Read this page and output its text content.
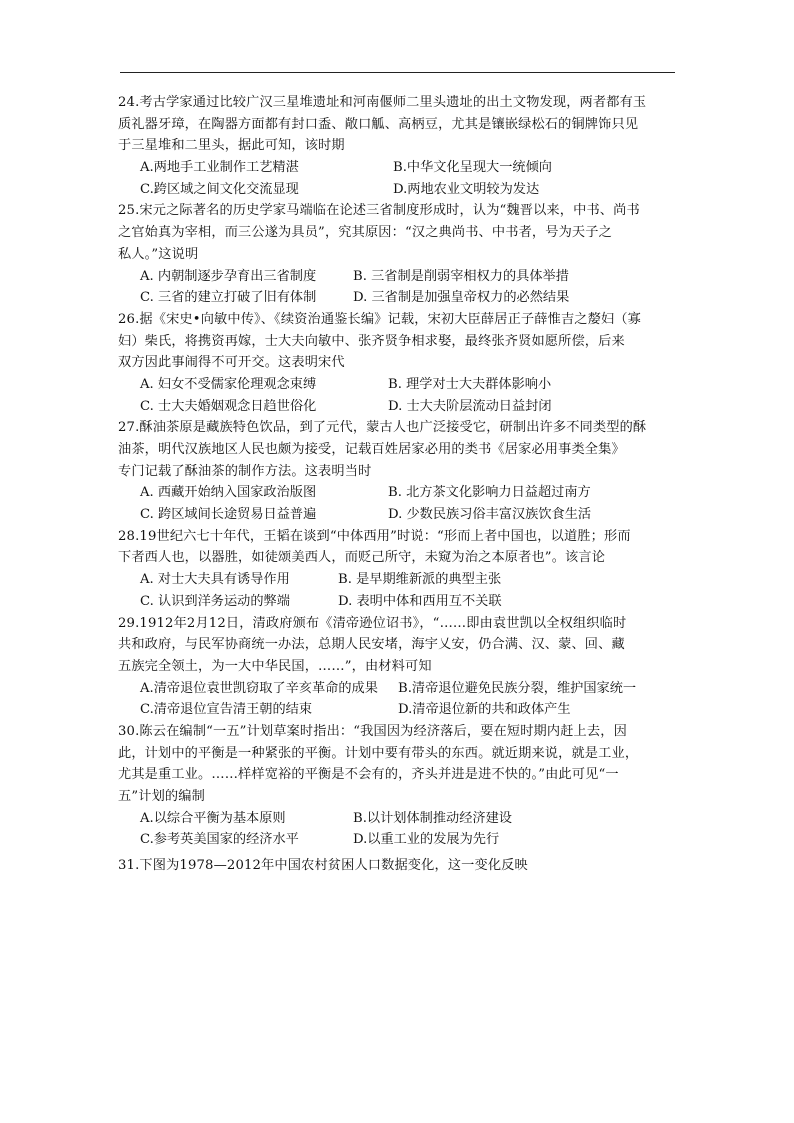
24.考古学家通过比较广汉三星堆遗址和河南偃师二里头遗址的出土文物发现，两者都有玉
质礼器牙璋，在陶器方面都有封口盉、敞口觚、高柄豆，尤其是镶嵌绿松石的铜牌饰只见
于三星堆和二里头，据此可知，该时期
A.两地手工业制作工艺精湛	B.中华文化呈现大一统倾向
C.跨区域之间文化交流显现	D.两地农业文明较为发达
25.宋元之际著名的历史学家马端临在论述三省制度形成时，认为“魏晋以来，中书、尚书
之官始真为宰相，而三公遂为具员”，究其原因：“汉之典尚书、中书者，号为天子之
私人。”这说明
A. 内朝制逐步孕育出三省制度	B. 三省制是削弱宰相权力的具体举措
C. 三省的建立打破了旧有体制	D. 三省制是加强皇帝权力的必然结果
26.据《宋史•向敏中传》、《续资治通鉴长编》记载，宋初大臣薛居正子薛惟吉之嫠妇（寡
妇）柴氏，将携资再嫁，士大夫向敏中、张齐贤争相求娶，最终张齐贤如愿所偿，后来
双方因此事闹得不可开交。这表明宋代
A. 妇女不受儒家伦理观念束缚	B. 理学对士大夫群体影响小
C. 士大夫婚姻观念日趋世俗化	D. 士大夫阶层流动日益封闭
27.酥油茶原是藏族特色饮品，到了元代，蒙古人也广泛接受它，研制出许多不同类型的酥
油茶，明代汉族地区人民也颇为接受，记载百姓居家必用的类书《居家必用事类全集》
专门记载了酥油茶的制作方法。这表明当时
A. 西藏开始纳入国家政治版图	B. 北方茶文化影响力日益超过南方
C. 跨区域间长途贸易日益普遍	D. 少数民族习俗丰富汉族饮食生活
28.19世纪六七十年代，王韬在谈到“中体西用”时说：“形而上者中国也，以道胜；形而
下者西人也，以器胜，如徒颂美西人，而贬己所守，未窥为治之本原者也”。该言论
A. 对士大夫具有诱导作用	B. 是早期维新派的典型主张
C. 认识到洋务运动的弊端	D. 表明中体和西用互不关联
29.1912年2月12日，清政府颁布《清帝逊位诏书》，“……即由袁世凯以全权组织临时
共和政府，与民军协商统一办法，总期人民安堵，海宇乂安，仍合满、汉、蒙、回、藏
五族完全领土，为一大中华民国，……”，由材料可知
A.清帝退位袁世凯窃取了辛亥革命的成果	B.清帝退位避免民族分裂，维护国家统一
C.清帝退位宣告清王朝的结束	D.清帝退位新的共和政体产生
30.陈云在编制“一五”计划草案时指出：“我国因为经济落后，要在短时期内赶上去，因
此，计划中的平衡是一种紧张的平衡。计划中要有带头的东西。就近期来说，就是工业，
尤其是重工业。……样样宽裕的平衡是不会有的，齐头并进是进不快的。”由此可见“一
五”计划的编制
A.以综合平衡为基本原则	B.以计划体制推动经济建设
C.参考英美国家的经济水平	D.以重工业的发展为先行
31.下图为1978—2012年中国农村贫困人口数据变化，这一变化反映
